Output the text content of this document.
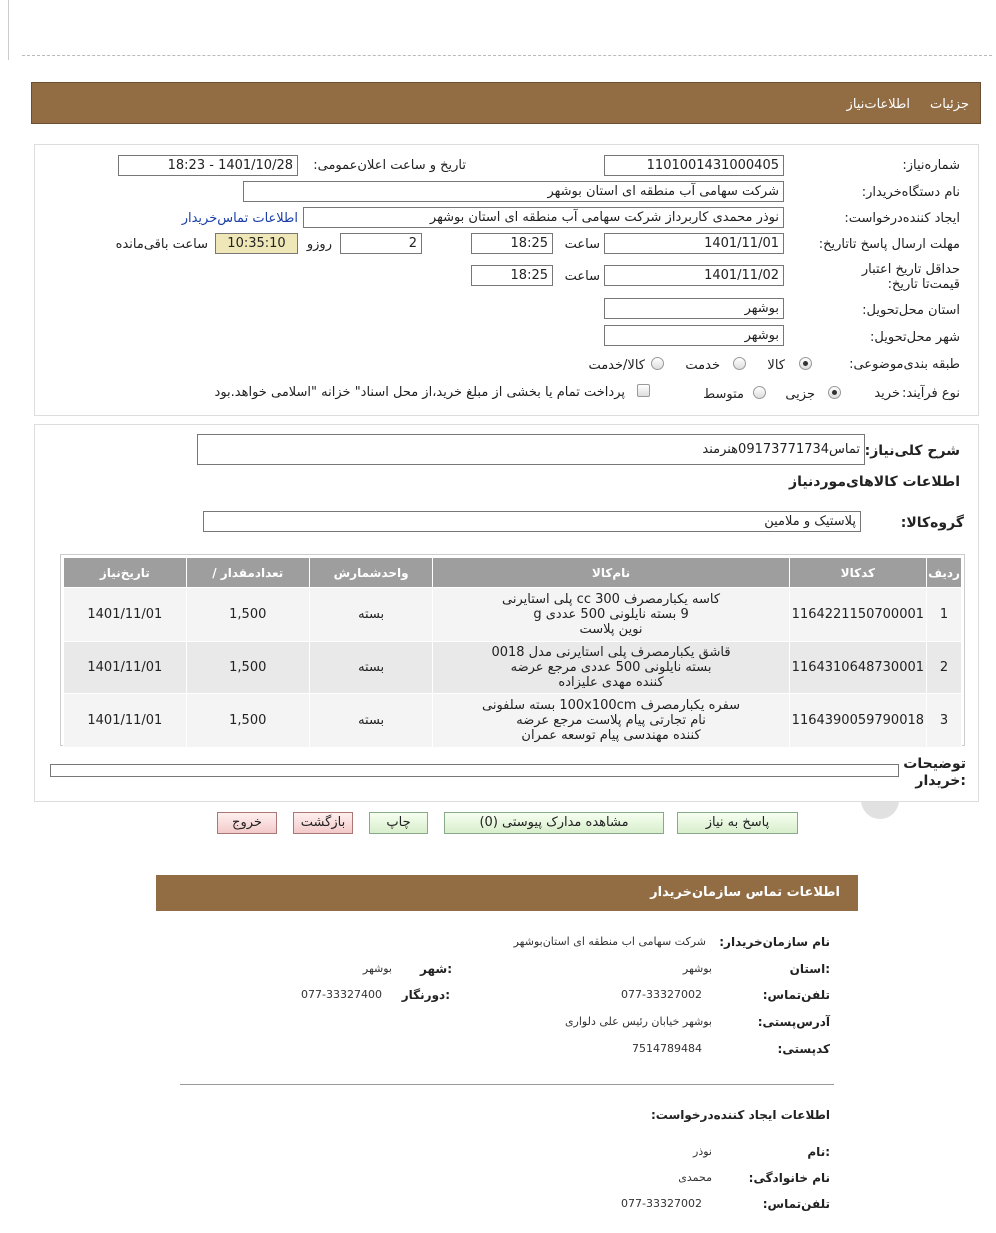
جزئیات
اطلاعات‌نیاز
شماره‌نیاز:
1101001431000405
تاریخ و ساعت اعلان‌عمومی:
1401/10/28 - 18:23
نام دستگاه‌خریدار:
شرکت سهامی آب منطقه ای استان بوشهر
ایجاد کننده‌درخواست:
نوذر محمدی کاربرداز شرکت سهامی آب منطقه ای استان بوشهر
اطلاعات تماس‌خریدار
مهلت ارسال پاسخ تا‌تاریخ:
1401/11/01
ساعت
18:25
2
روزو
10:35:10
ساعت باقی‌مانده
حداقل تاریخ اعتبار قیمت‌تا تاریخ:
1401/11/02
ساعت
18:25
استان محل‌تحویل:
بوشهر
شهر محل‌تحویل:
بوشهر
طبقه بندی‌موضوعی:
کالا
خدمت
کالا/خدمت
نوع فرآیند:
خرید
جزیی
متوسط
پرداخت تمام یا بخشی از مبلغ خرید،از محل اسناد" خزانه "اسلامی خواهد.بود
شرح کلی‌نیاز:
تماس09173771734هنرمند
اطلاعات کالاهای‌موردنیاز
گروه‌کالا:
پلاستیک و ملامین
ردیف	کدکالا	نام‌کالا	واحدشمارش	تعداد‌مقدار /	تاریخ‌نیاز
1	1164221150700001	کاسه یکبارمصرف cc 300 پلی استایرنی
9 بسته نایلونی 500 عددی g
نوین پلاست	بسته	1,500	1401/11/01
2	1164310648730001	قاشق یکبارمصرف پلی استایرنی مدل 0018
بسته نایلونی 500 عددی مرجع عرضه
کننده مهدی علیزاده	بسته	1,500	1401/11/01
3	1164390059790018	سفره یکبارمصرف 100x100cm بسته سلفونی
نام تجارتی پیام پلاست مرجع عرضه
کننده مهندسی پیام توسعه عمران	بسته	1,500	1401/11/01
توضیحات
:خریدار
پاسخ به نیاز
مشاهده مدارک پیوستی (0)
چاپ
بازگشت
خروج
اطلاعات تماس سازمان‌خریدار
نام سازمان‌خریدار:
شرکت سهامی اب منطقه ای استان‌بوشهر
:استان
بوشهر
:شهر
بوشهر
تلفن‌تماس:
077-33327002
:دورنگار
077-33327400
آدرس‌پستی:
بوشهر خیابان رئیس علی دلواری
کد‌پستی:
7514789484
اطلاعات ایجاد کننده‌درخواست:
:نام
نوذر
نام خانوادگی:
محمدی
تلفن‌تماس:
077-33327002
